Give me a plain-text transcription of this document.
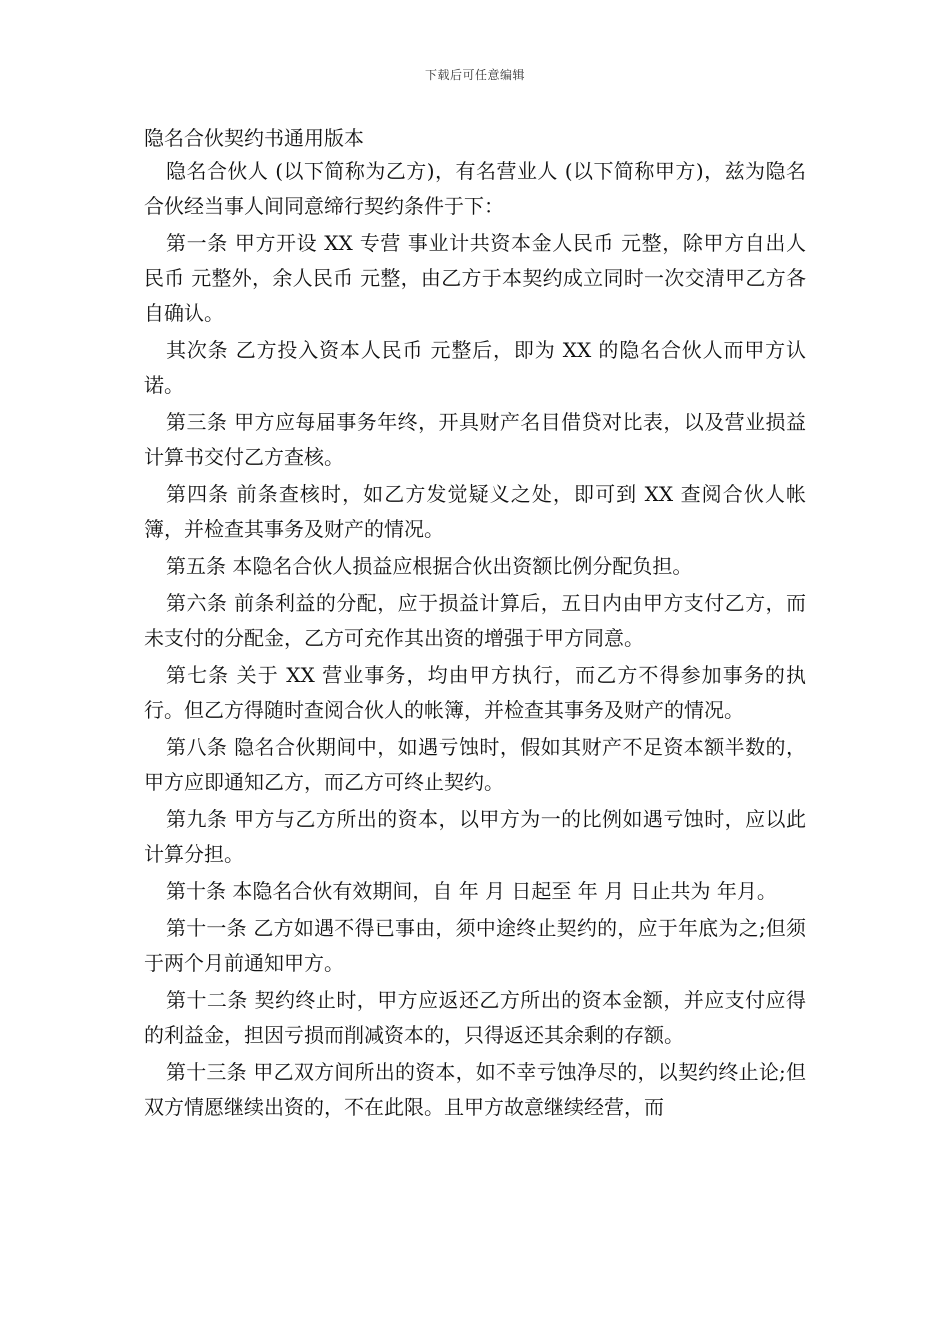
下载后可任意编辑
隐名合伙契约书通用版本

隐名合伙人 (以下简称为乙方)，有名营业人 (以下简称甲方)，兹为隐名合伙经当事人间同意缔行契约条件于下：

第一条 甲方开设 XX 专营 事业计共资本金人民币 元整，除甲方自出人民币 元整外，余人民币 元整，由乙方于本契约成立同时一次交清甲乙方各自确认。

其次条 乙方投入资本人民币 元整后，即为 XX 的隐名合伙人而甲方认诺。

第三条 甲方应每届事务年终，开具财产名目借贷对比表，以及营业损益计算书交付乙方查核。

第四条 前条查核时，如乙方发觉疑义之处，即可到 XX 查阅合伙人帐簿，并检查其事务及财产的情况。

第五条 本隐名合伙人损益应根据合伙出资额比例分配负担。

第六条 前条利益的分配，应于损益计算后，五日内由甲方支付乙方，而未支付的分配金，乙方可充作其出资的增强于甲方同意。

第七条 关于 XX 营业事务，均由甲方执行，而乙方不得参加事务的执行。但乙方得随时查阅合伙人的帐簿，并检查其事务及财产的情况。

第八条 隐名合伙期间中，如遇亏蚀时，假如其财产不足资本额半数的，甲方应即通知乙方，而乙方可终止契约。

第九条 甲方与乙方所出的资本，以甲方为一的比例如遇亏蚀时，应以此计算分担。

第十条 本隐名合伙有效期间，自 年 月 日起至 年 月 日止共为 年月。

第十一条 乙方如遇不得已事由，须中途终止契约的，应于年底为之;但须于两个月前通知甲方。

第十二条 契约终止时，甲方应返还乙方所出的资本金额，并应支付应得的利益金，担因亏损而削减资本的，只得返还其余剩的存额。

第十三条 甲乙双方间所出的资本，如不幸亏蚀净尽的，以契约终止论;但双方情愿继续出资的，不在此限。且甲方故意继续经营，而
